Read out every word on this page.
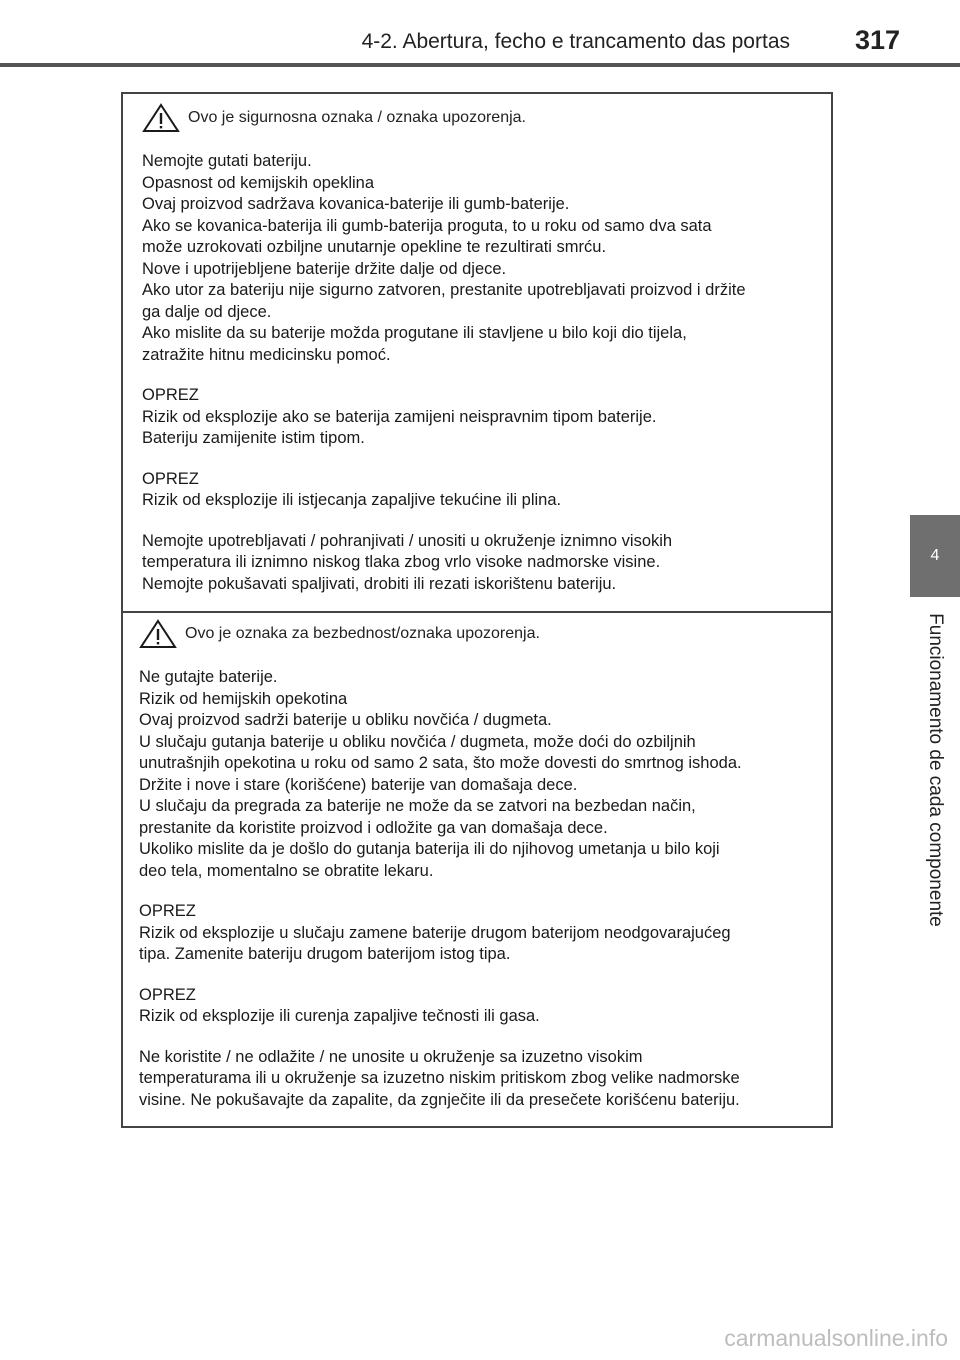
4-2. Abertura, fecho e trancamento das portas	317
4
Funcionamento de cada componente
Ovo je sigurnosna oznaka / oznaka upozorenja.

Nemojte gutati bateriju.

Opasnost od kemijskih opeklina

Ovaj proizvod sadržava kovanica-baterije ili gumb-baterije.

Ako se kovanica-baterija ili gumb-baterija proguta, to u roku od samo dva sata

može uzrokovati ozbiljne unutarnje opekline te rezultirati smrću.

Nove i upotrijebljene baterije držite dalje od djece.

Ako utor za bateriju nije sigurno zatvoren, prestanite upotrebljavati proizvod i držite

ga dalje od djece.

Ako mislite da su baterije možda progutane ili stavljene u bilo koji dio tijela,

zatražite hitnu medicinsku pomoć.

OPREZ

Rizik od eksplozije ako se baterija zamijeni neispravnim tipom baterije.

Bateriju zamijenite istim tipom.

OPREZ

Rizik od eksplozije ili istjecanja zapaljive tekućine ili plina.

Nemojte upotrebljavati / pohranjivati / unositi u okruženje iznimno visokih

temperatura ili iznimno niskog tlaka zbog vrlo visoke nadmorske visine.

Nemojte pokušavati spaljivati, drobiti ili rezati iskorištenu bateriju.

Ovo je oznaka za bezbednost/oznaka upozorenja.

Ne gutajte baterije.

Rizik od hemijskih opekotina

Ovaj proizvod sadrži baterije u obliku novčića / dugmeta.

U slučaju gutanja baterije u obliku novčića / dugmeta, može doći do ozbiljnih

unutrašnjih opekotina u roku od samo 2 sata, što može dovesti do smrtnog ishoda.

Držite i nove i stare (korišćene) baterije van domašaja dece.

U slučaju da pregrada za baterije ne može da se zatvori na bezbedan način,

prestanite da koristite proizvod i odložite ga van domašaja dece.

Ukoliko mislite da je došlo do gutanja baterija ili do njihovog umetanja u bilo koji

deo tela, momentalno se obratite lekaru.

OPREZ

Rizik od eksplozije u slučaju zamene baterije drugom baterijom neodgovarajućeg

tipa. Zamenite bateriju drugom baterijom istog tipa.

OPREZ

Rizik od eksplozije ili curenja zapaljive tečnosti ili gasa.

Ne koristite / ne odlažite / ne unosite u okruženje sa izuzetno visokim

temperaturama ili u okruženje sa izuzetno niskim pritiskom zbog velike nadmorske

visine. Ne pokušavajte da zapalite, da zgnječite ili da presečete korišćenu bateriju.

carmanualsonline.info
